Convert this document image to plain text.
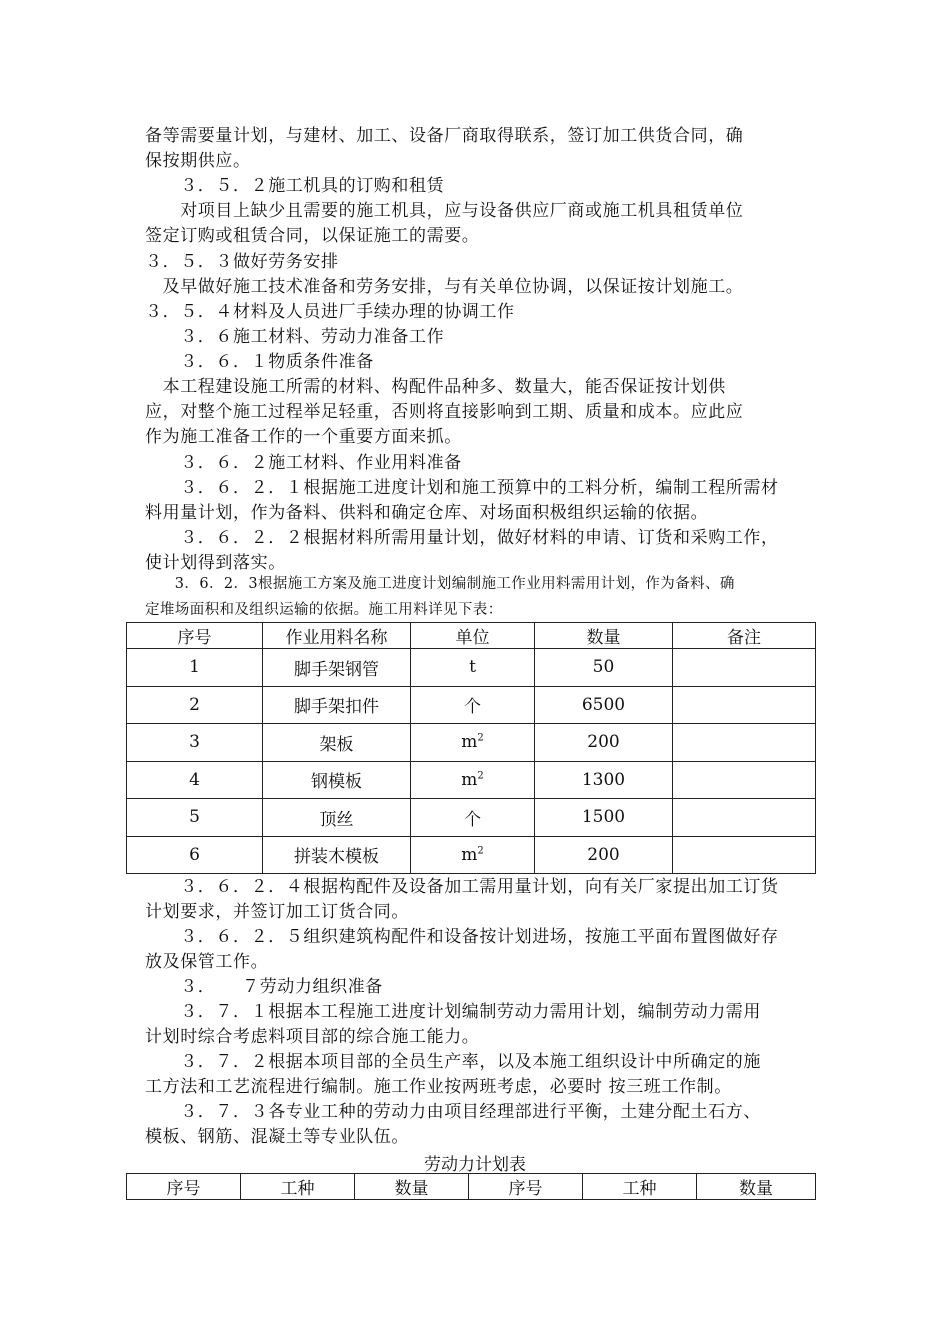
备等需要量计划，与建材、加工、设备厂商取得联系，签订加工供货合同，确
保按期供应。
　　３．５．２施工机具的订购和租赁
　　对项目上缺少且需要的施工机具，应与设备供应厂商或施工机具租赁单位
签定订购或租赁合同，以保证施工的需要。
３．５．３做好劳务安排
　及早做好施工技术准备和劳务安排，与有关单位协调，以保证按计划施工。
３．５．４材料及人员进厂手续办理的协调工作
　　３．６施工材料、劳动力准备工作
　　３．６．１物质条件准备
　本工程建设施工所需的材料、构配件品种多、数量大，能否保证按计划供
应，对整个施工过程举足轻重，否则将直接影响到工期、质量和成本。应此应
作为施工准备工作的一个重要方面来抓。
　　３．６．２施工材料、作业用料准备
　　３．６．２．１根据施工进度计划和施工预算中的工料分析，编制工程所需材
料用量计划，作为备料、供料和确定仓库、对场面积极组织运输的依据。
　　３．６．２．２根据材料所需用量计划，做好材料的申请、订货和采购工作，
使计划得到落实。
　　3．6．2．3根据施工方案及施工进度计划编制施工作业用料需用计划，作为备料、确
定堆场面积和及组织运输的依据。施工用料详见下表：
序号	作业用料名称	单位	数量	备注
1	脚手架钢管	t	50	
2	脚手架扣件	个	6500	
3	架板	$m^2$	200	
4	钢模板	$m^2$	1300	
5	顶丝	个	1500	
6	拼装木模板	$m^2$	200	
　　３．６．２．４根据构配件及设备加工需用量计划，向有关厂家提出加工订货
计划要求，并签订加工订货合同。
　　３．６．２．５组织建筑构配件和设备按计划进场，按施工平面布置图做好存
放及保管工作。
　　３．　　７劳动力组织准备
　　３．７．１根据本工程施工进度计划编制劳动力需用计划，编制劳动力需用
计划时综合考虑料项目部的综合施工能力。
　　３．７．２根据本项目部的全员生产率，以及本施工组织设计中所确定的施
工方法和工艺流程进行编制。施工作业按两班考虑，必要时 按三班工作制。
　　３．７．３各专业工种的劳动力由项目经理部进行平衡，土建分配土石方、
模板、钢筋、混凝土等专业队伍。
劳动力计划表
序号	工种	数量	序号	工种	数量
